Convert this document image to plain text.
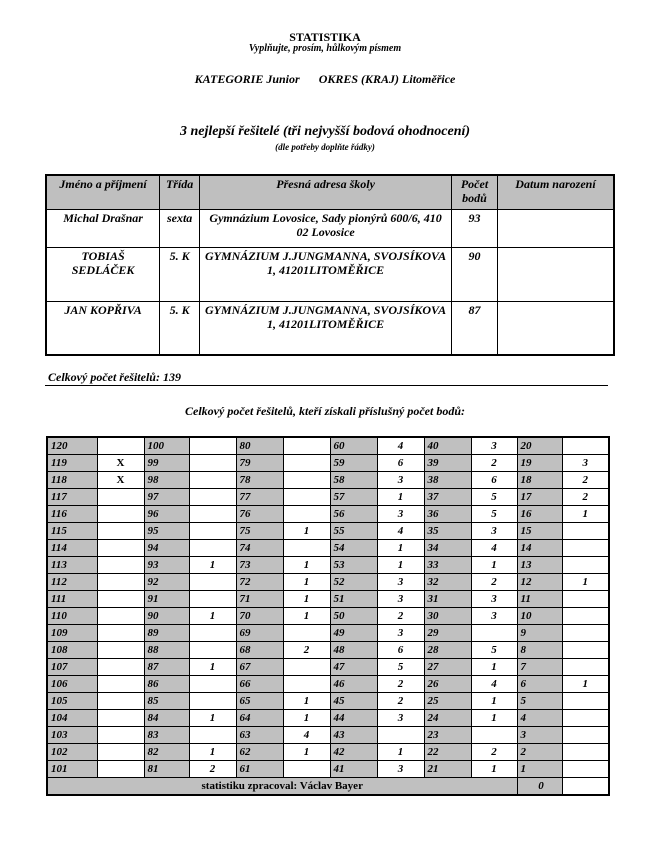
STATISTIKA
Vyplňujte, prosím, hůlkovým písmem
KATEGORIE Junior OKRES (KRAJ) Litoměřice
3 nejlepší řešitelé (tři nejvyšší bodová ohodnocení)
(dle potřeby doplňte řádky)
Jméno a příjmení	Třída	Přesná adresa školy	Počet bodů	Datum narození
Michal Drašnar	sexta	Gymnázium Lovosice, Sady pionýrů 600/6, 410 02 Lovosice	93	
TOBIAŠ SEDLÁČEK	5. K	GYMNÁZIUM J.JUNGMANNA, SVOJSÍKOVA 1, 41201LITOMĚŘICE	90	
JAN KOPŘIVA	5. K	GYMNÁZIUM J.JUNGMANNA, SVOJSÍKOVA 1, 41201LITOMĚŘICE	87	
Celkový počet řešitelů: 139
Celkový počet řešitelů, kteří získali příslušný počet bodů:
120		100		80		60	4	40	3	20	
119	X	99		79		59	6	39	2	19	3
118	X	98		78		58	3	38	6	18	2
117		97		77		57	1	37	5	17	2
116		96		76		56	3	36	5	16	1
115		95		75	1	55	4	35	3	15	
114		94		74		54	1	34	4	14	
113		93	1	73	1	53	1	33	1	13	
112		92		72	1	52	3	32	2	12	1
111		91		71	1	51	3	31	3	11	
110		90	1	70	1	50	2	30	3	10	
109		89		69		49	3	29		9	
108		88		68	2	48	6	28	5	8	
107		87	1	67		47	5	27	1	7	
106		86		66		46	2	26	4	6	1
105		85		65	1	45	2	25	1	5	
104		84	1	64	1	44	3	24	1	4	
103		83		63	4	43		23		3	
102		82	1	62	1	42	1	22	2	2	
101		81	2	61		41	3	21	1	1	
statistiku zpracoval: Václav Bayer										0	
